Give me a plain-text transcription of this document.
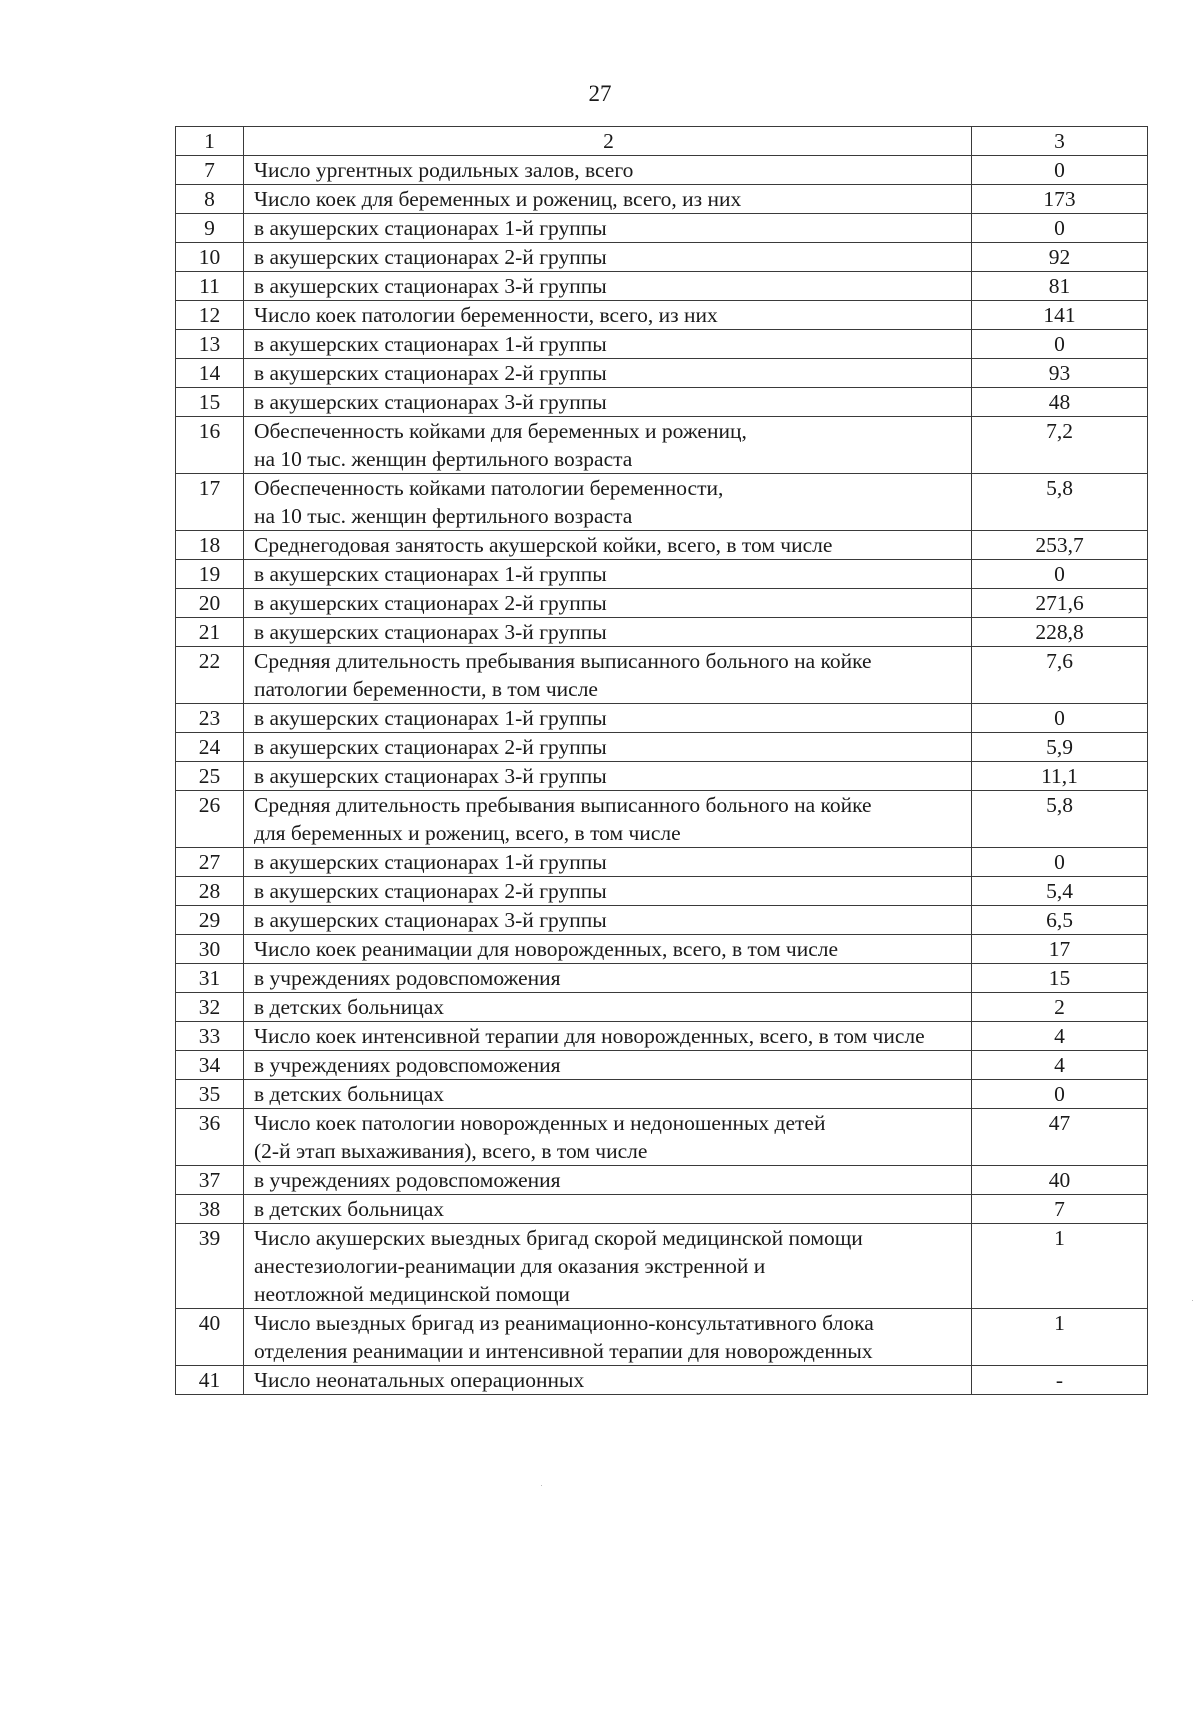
27
1	2	3
7	Число ургентных родильных залов, всего	0
8	Число коек для беременных и рожениц, всего, из них	173
9	в акушерских стационарах 1-й группы	0
10	в акушерских стационарах 2-й группы	92
11	в акушерских стационарах 3-й группы	81
12	Число коек патологии беременности, всего, из них	141
13	в акушерских стационарах 1-й группы	0
14	в акушерских стационарах 2-й группы	93
15	в акушерских стационарах 3-й группы	48
16	Обеспеченность койками для беременных и рожениц,
на 10 тыс. женщин фертильного возраста	7,2
17	Обеспеченность койками патологии беременности,
на 10 тыс. женщин фертильного возраста	5,8
18	Среднегодовая занятость акушерской койки, всего, в том числе	253,7
19	в акушерских стационарах 1-й группы	0
20	в акушерских стационарах 2-й группы	271,6
21	в акушерских стационарах 3-й группы	228,8
22	Средняя длительность пребывания выписанного больного на койке
патологии беременности, в том числе	7,6
23	в акушерских стационарах 1-й группы	0
24	в акушерских стационарах 2-й группы	5,9
25	в акушерских стационарах 3-й группы	11,1
26	Средняя длительность пребывания выписанного больного на койке
для беременных и рожениц, всего, в том числе	5,8
27	в акушерских стационарах 1-й группы	0
28	в акушерских стационарах 2-й группы	5,4
29	в акушерских стационарах 3-й группы	6,5
30	Число коек реанимации для новорожденных, всего, в том числе	17
31	в учреждениях родовспоможения	15
32	в детских больницах	2
33	Число коек интенсивной терапии для новорожденных, всего, в том числе	4
34	в учреждениях родовспоможения	4
35	в детских больницах	0
36	Число коек патологии новорожденных и недоношенных детей
(2-й этап выхаживания), всего, в том числе	47
37	в учреждениях родовспоможения	40
38	в детских больницах	7
39	Число акушерских выездных бригад скорой медицинской помощи
анестезиологии-реанимации для оказания экстренной и
неотложной медицинской помощи	1
40	Число выездных бригад из реанимационно-консультативного блока
отделения реанимации и интенсивной терапии для новорожденных	1
41	Число неонатальных операционных	-
